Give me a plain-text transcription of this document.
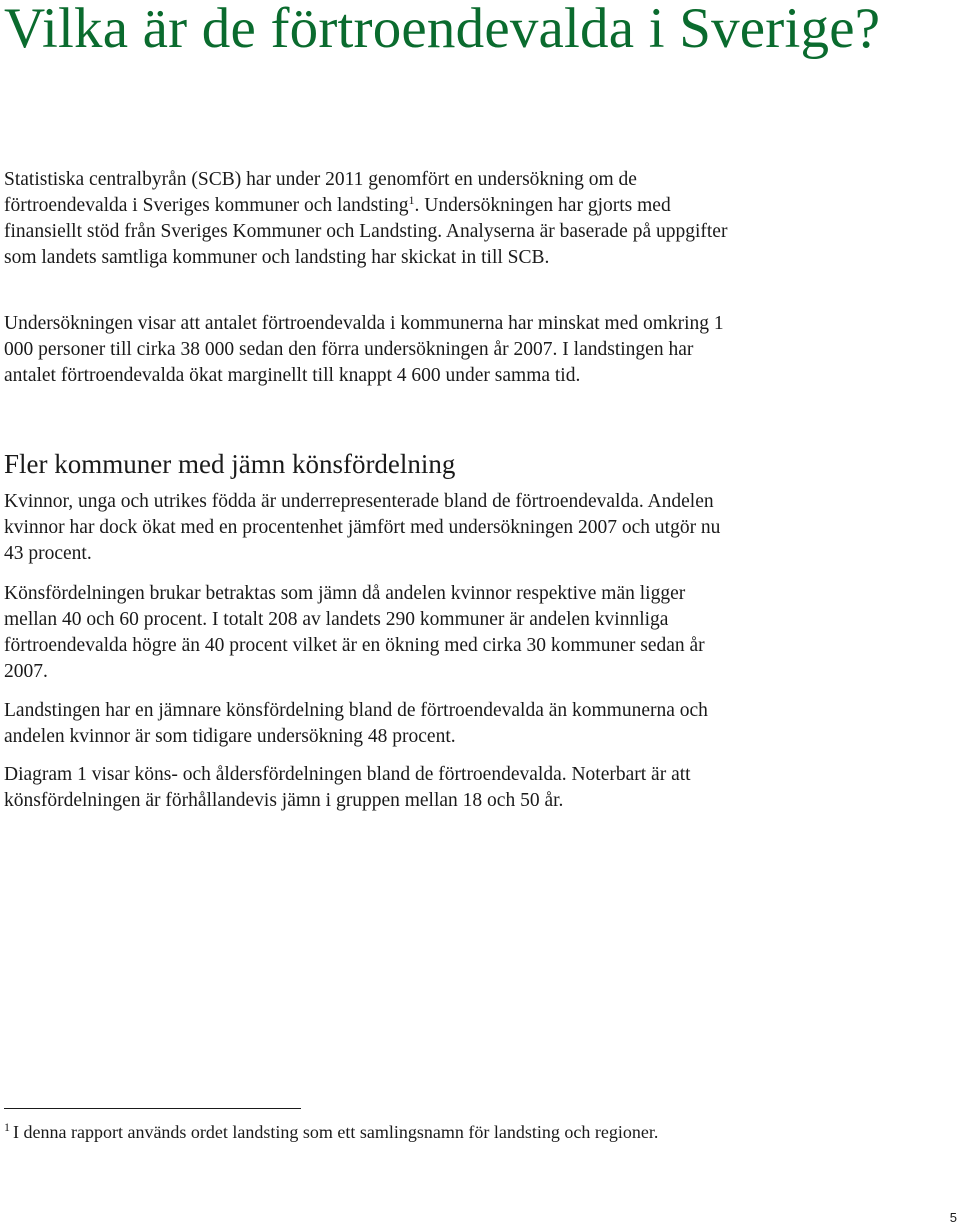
Vilka är de förtroendevalda i Sverige?

Statistiska centralbyrån (SCB) har under 2011 genomfört en undersökning om de förtroendevalda i Sveriges kommuner och landsting$^1$. Undersökningen har gjorts med finansiellt stöd från Sveriges Kommuner och Landsting. Analyserna är baserade på uppgifter som landets samtliga kommuner och landsting har skickat in till SCB.

Undersökningen visar att antalet förtroendevalda i kommunerna har minskat med omkring 1 000 personer till cirka 38 000 sedan den förra undersökningen år 2007. I landstingen har antalet förtroendevalda ökat marginellt till knappt 4 600 under samma tid.

Fler kommuner med jämn könsfördelning

Kvinnor, unga och utrikes födda är underrepresenterade bland de förtroendevalda. Andelen kvinnor har dock ökat med en procentenhet jämfört med undersökningen 2007 och utgör nu 43 procent.

Könsfördelningen brukar betraktas som jämn då andelen kvinnor respektive män ligger mellan 40 och 60 procent. I totalt 208 av landets 290 kommuner är andelen kvinnliga förtroendevalda högre än 40 procent vilket är en ökning med cirka 30 kommuner sedan år 2007.

Landstingen har en jämnare könsfördelning bland de förtroendevalda än kommunerna och andelen kvinnor är som tidigare undersökning 48 procent.

Diagram 1 visar köns- och åldersfördelningen bland de förtroendevalda. Noterbart är att könsfördelningen är förhållandevis jämn i gruppen mellan 18 och 50 år.

$^1$ I denna rapport används ordet landsting som ett samlingsnamn för landsting och regioner.

5
